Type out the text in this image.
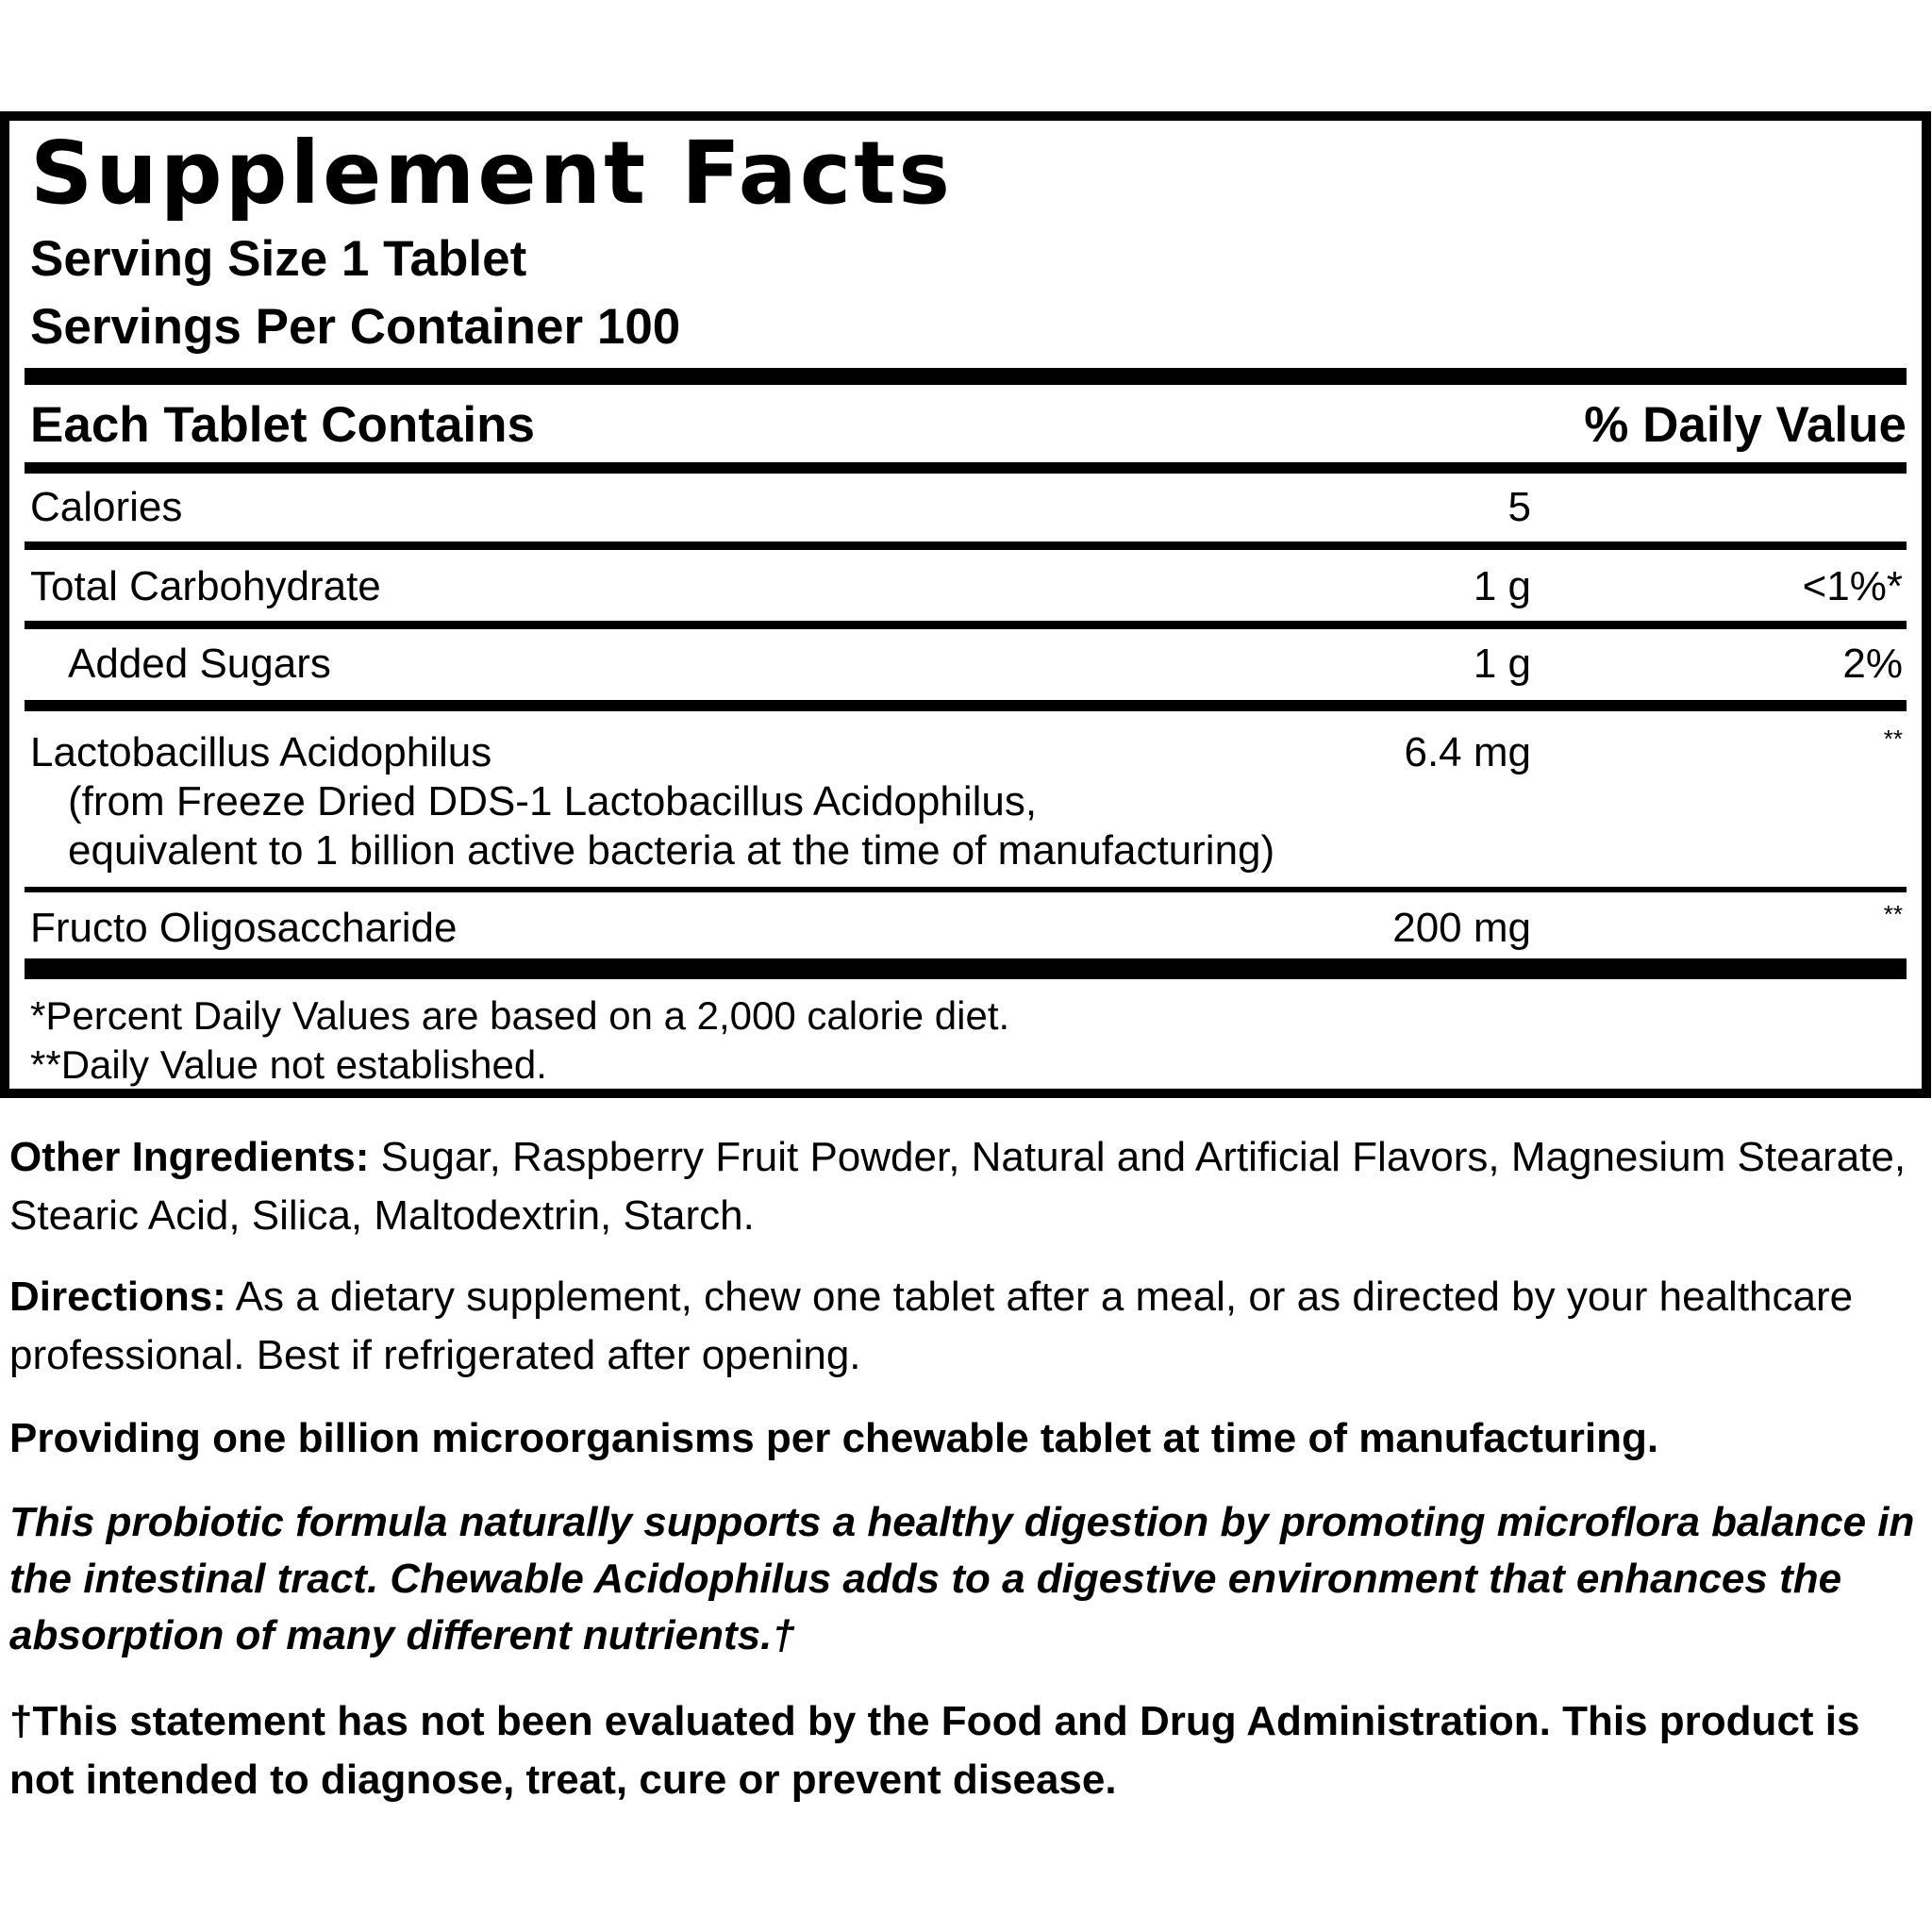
Supplement Facts
Serving Size 1 Tablet
Servings Per Container 100
Each Tablet Contains	% Daily Value
Calories	5
Total Carbohydrate	1 g	<1%*
Added Sugars	1 g	2%
Lactobacillus Acidophilus
(from Freeze Dried DDS-1 Lactobacillus Acidophilus,
equivalent to 1 billion active bacteria at the time of manufacturing)
6.4 mg	**
Fructo Oligosaccharide	200 mg	**
*Percent Daily Values are based on a 2,000 calorie diet.
**Daily Value not established.
Other Ingredients: Sugar, Raspberry Fruit Powder, Natural and Artificial Flavors, Magnesium Stearate, Stearic Acid, Silica, Maltodextrin, Starch.
Directions: As a dietary supplement, chew one tablet after a meal, or as directed by your healthcare professional. Best if refrigerated after opening.
Providing one billion microorganisms per chewable tablet at time of manufacturing.
This probiotic formula naturally supports a healthy digestion by promoting microflora balance in the intestinal tract. Chewable Acidophilus adds to a digestive environment that enhances the absorption of many different nutrients.†
†This statement has not been evaluated by the Food and Drug Administration. This product is not intended to diagnose, treat, cure or prevent disease.
